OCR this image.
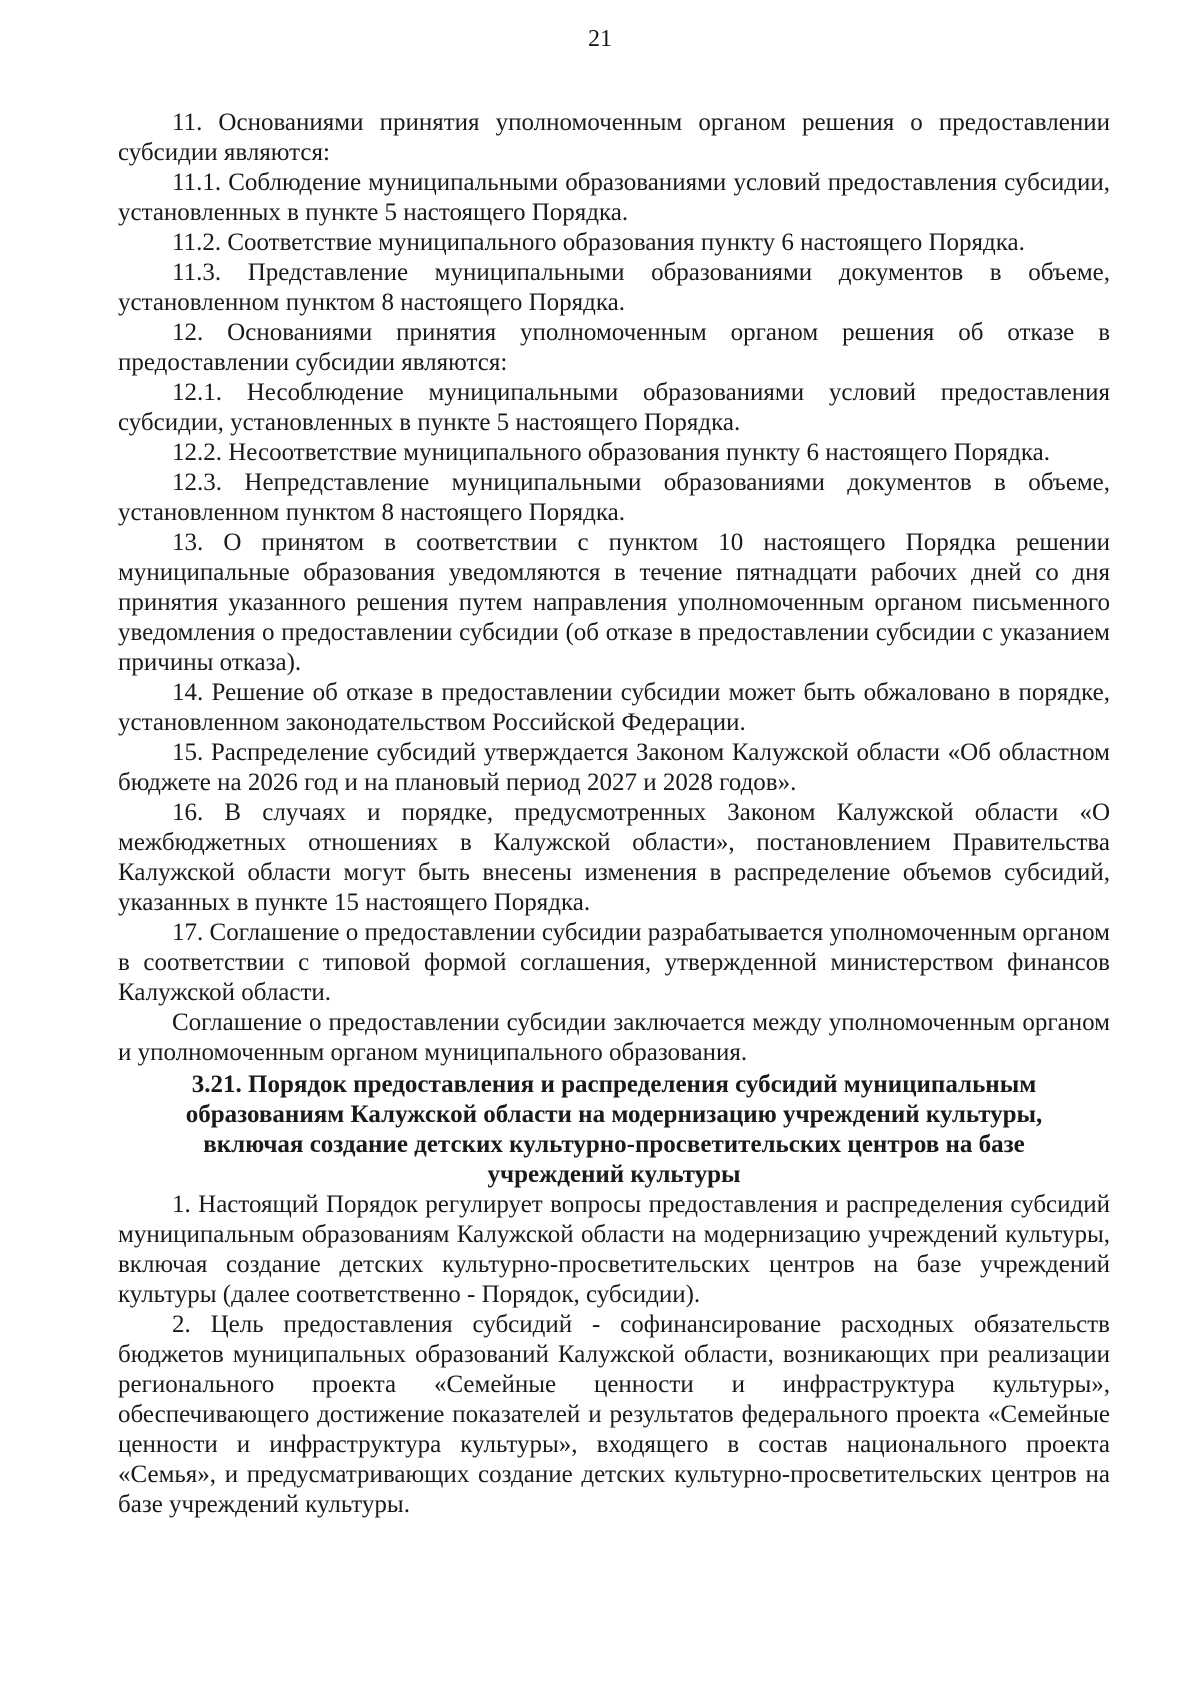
21

11. Основаниями принятия уполномоченным органом решения о предоставлении субсидии являются:

11.1. Соблюдение муниципальными образованиями условий предоставления субсидии, установленных в пункте 5 настоящего Порядка.

11.2. Соответствие муниципального образования пункту 6 настоящего Порядка.

11.3. Представление муниципальными образованиями документов в объеме, установленном пунктом 8 настоящего Порядка.

12. Основаниями принятия уполномоченным органом решения об отказе в предоставлении субсидии являются:

12.1. Несоблюдение муниципальными образованиями условий предоставления субсидии, установленных в пункте 5 настоящего Порядка.

12.2. Несоответствие муниципального образования пункту 6 настоящего Порядка.

12.3. Непредставление муниципальными образованиями документов в объеме, установленном пунктом 8 настоящего Порядка.

13. О принятом в соответствии с пунктом 10 настоящего Порядка решении муниципальные образования уведомляются в течение пятнадцати рабочих дней со дня принятия указанного решения путем направления уполномоченным органом письменного уведомления о предоставлении субсидии (об отказе в предоставлении субсидии с указанием причины отказа).

14. Решение об отказе в предоставлении субсидии может быть обжаловано в порядке, установленном законодательством Российской Федерации.

15. Распределение субсидий утверждается Законом Калужской области «Об областном бюджете на 2026 год и на плановый период 2027 и 2028 годов».

16. В случаях и порядке, предусмотренных Законом Калужской области «О межбюджетных отношениях в Калужской области», постановлением Правительства Калужской области могут быть внесены изменения в распределение объемов субсидий, указанных в пункте 15 настоящего Порядка.

17. Соглашение о предоставлении субсидии разрабатывается уполномоченным органом в соответствии с типовой формой соглашения, утвержденной министерством финансов Калужской области.

Соглашение о предоставлении субсидии заключается между уполномоченным органом и уполномоченным органом муниципального образования.

3.21. Порядок предоставления и распределения субсидий муниципальным образованиям Калужской области на модернизацию учреждений культуры, включая создание детских культурно-просветительских центров на базе учреждений культуры

1. Настоящий Порядок регулирует вопросы предоставления и распределения субсидий муниципальным образованиям Калужской области на модернизацию учреждений культуры, включая создание детских культурно-просветительских центров на базе учреждений культуры (далее соответственно - Порядок, субсидии).

2. Цель предоставления субсидий - софинансирование расходных обязательств бюджетов муниципальных образований Калужской области, возникающих при реализации регионального проекта «Семейные ценности и инфраструктура культуры», обеспечивающего достижение показателей и результатов федерального проекта «Семейные ценности и инфраструктура культуры», входящего в состав национального проекта «Семья», и предусматривающих создание детских культурно-просветительских центров на базе учреждений культуры.
